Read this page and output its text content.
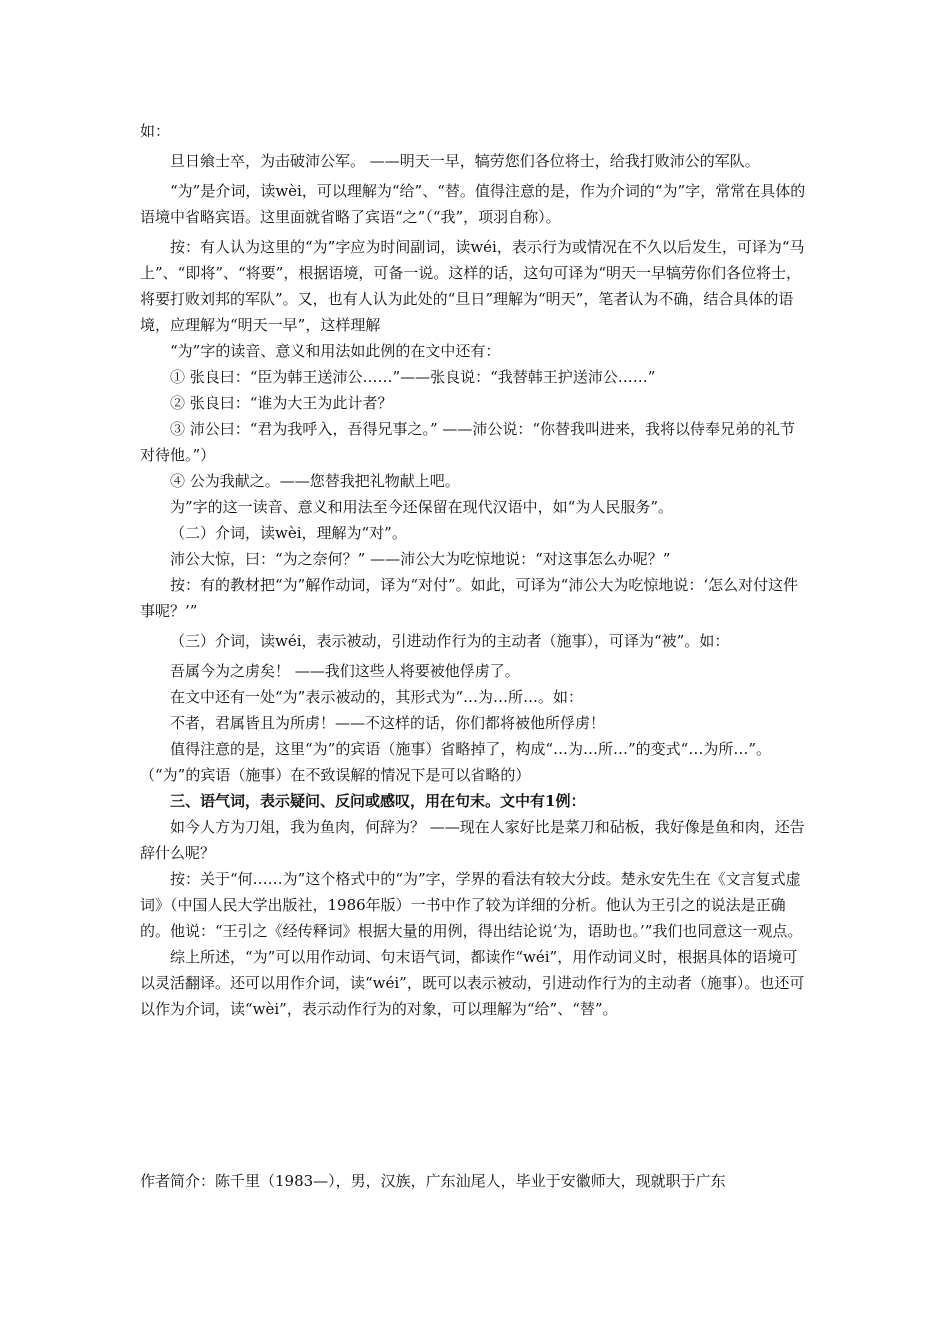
如：

旦日飨士卒，为击破沛公军。 ——明天一早，犒劳您们各位将士，给我打败沛公的军队。

“为”是介词，读wèi，可以理解为“给”、“替。值得注意的是，作为介词的“为”字，常常在具体的语境中省略宾语。这里面就省略了宾语“之”（“我”，项羽自称）。

按：有人认为这里的“为”字应为时间副词，读wéi，表示行为或情况在不久以后发生，可译为“马上”、“即将”、“将要”，根据语境，可备一说。这样的话，这句可译为“明天一早犒劳你们各位将士，将要打败刘邦的军队”。又，也有人认为此处的“旦日”理解为“明天”，笔者认为不确，结合具体的语境，应理解为“明天一早”，这样理解

“为”字的读音、意义和用法如此例的在文中还有：

① 张良曰：“臣为韩王送沛公……”——张良说：“我替韩王护送沛公……”

② 张良曰：“谁为大王为此计者？

③ 沛公曰：“君为我呼入，吾得兄事之。” ——沛公说：“你替我叫进来，我将以侍奉兄弟的礼节对待他。”）

④ 公为我献之。——您替我把礼物献上吧。

为”字的这一读音、意义和用法至今还保留在现代汉语中，如“为人民服务”。

（二）介词，读wèi，理解为“对”。

沛公大惊，曰：“为之奈何？” ——沛公大为吃惊地说：“对这事怎么办呢？”

按：有的教材把“为”解作动词，译为“对付”。如此，可译为“沛公大为吃惊地说：‘怎么对付这件事呢？’”

（三）介词，读wéi，表示被动，引进动作行为的主动者（施事），可译为“被”。如：

吾属今为之虏矣！ ——我们这些人将要被他俘虏了。

在文中还有一处“为”表示被动的，其形式为“…为…所…。如：

不者，君属皆且为所虏！——不这样的话，你们都将被他所俘虏！

值得注意的是，这里“为”的宾语（施事）省略掉了，构成“…为…所…”的变式“…为所…”。（“为”的宾语（施事）在不致误解的情况下是可以省略的）

三、语气词，表示疑问、反问或感叹，用在句末。文中有1例：

如今人方为刀俎，我为鱼肉，何辞为？ ——现在人家好比是菜刀和砧板，我好像是鱼和肉，还告辞什么呢？

按：关于“何……为”这个格式中的“为”字，学界的看法有较大分歧。楚永安先生在《文言复式虚词》（中国人民大学出版社，1986年版）一书中作了较为详细的分析。他认为王引之的说法是正确的。他说：“王引之《经传释词》根据大量的用例，得出结论说‘为，语助也。’”我们也同意这一观点。

综上所述，“为”可以用作动词、句末语气词，都读作“wéi”，用作动词义时，根据具体的语境可以灵活翻译。还可以用作介词，读“wéi”，既可以表示被动，引进动作行为的主动者（施事）。也还可以作为介词，读“wèi”，表示动作行为的对象，可以理解为“给”、“替”。

作者简介：陈千里（1983—），男，汉族，广东汕尾人，毕业于安徽师大，现就职于广东
